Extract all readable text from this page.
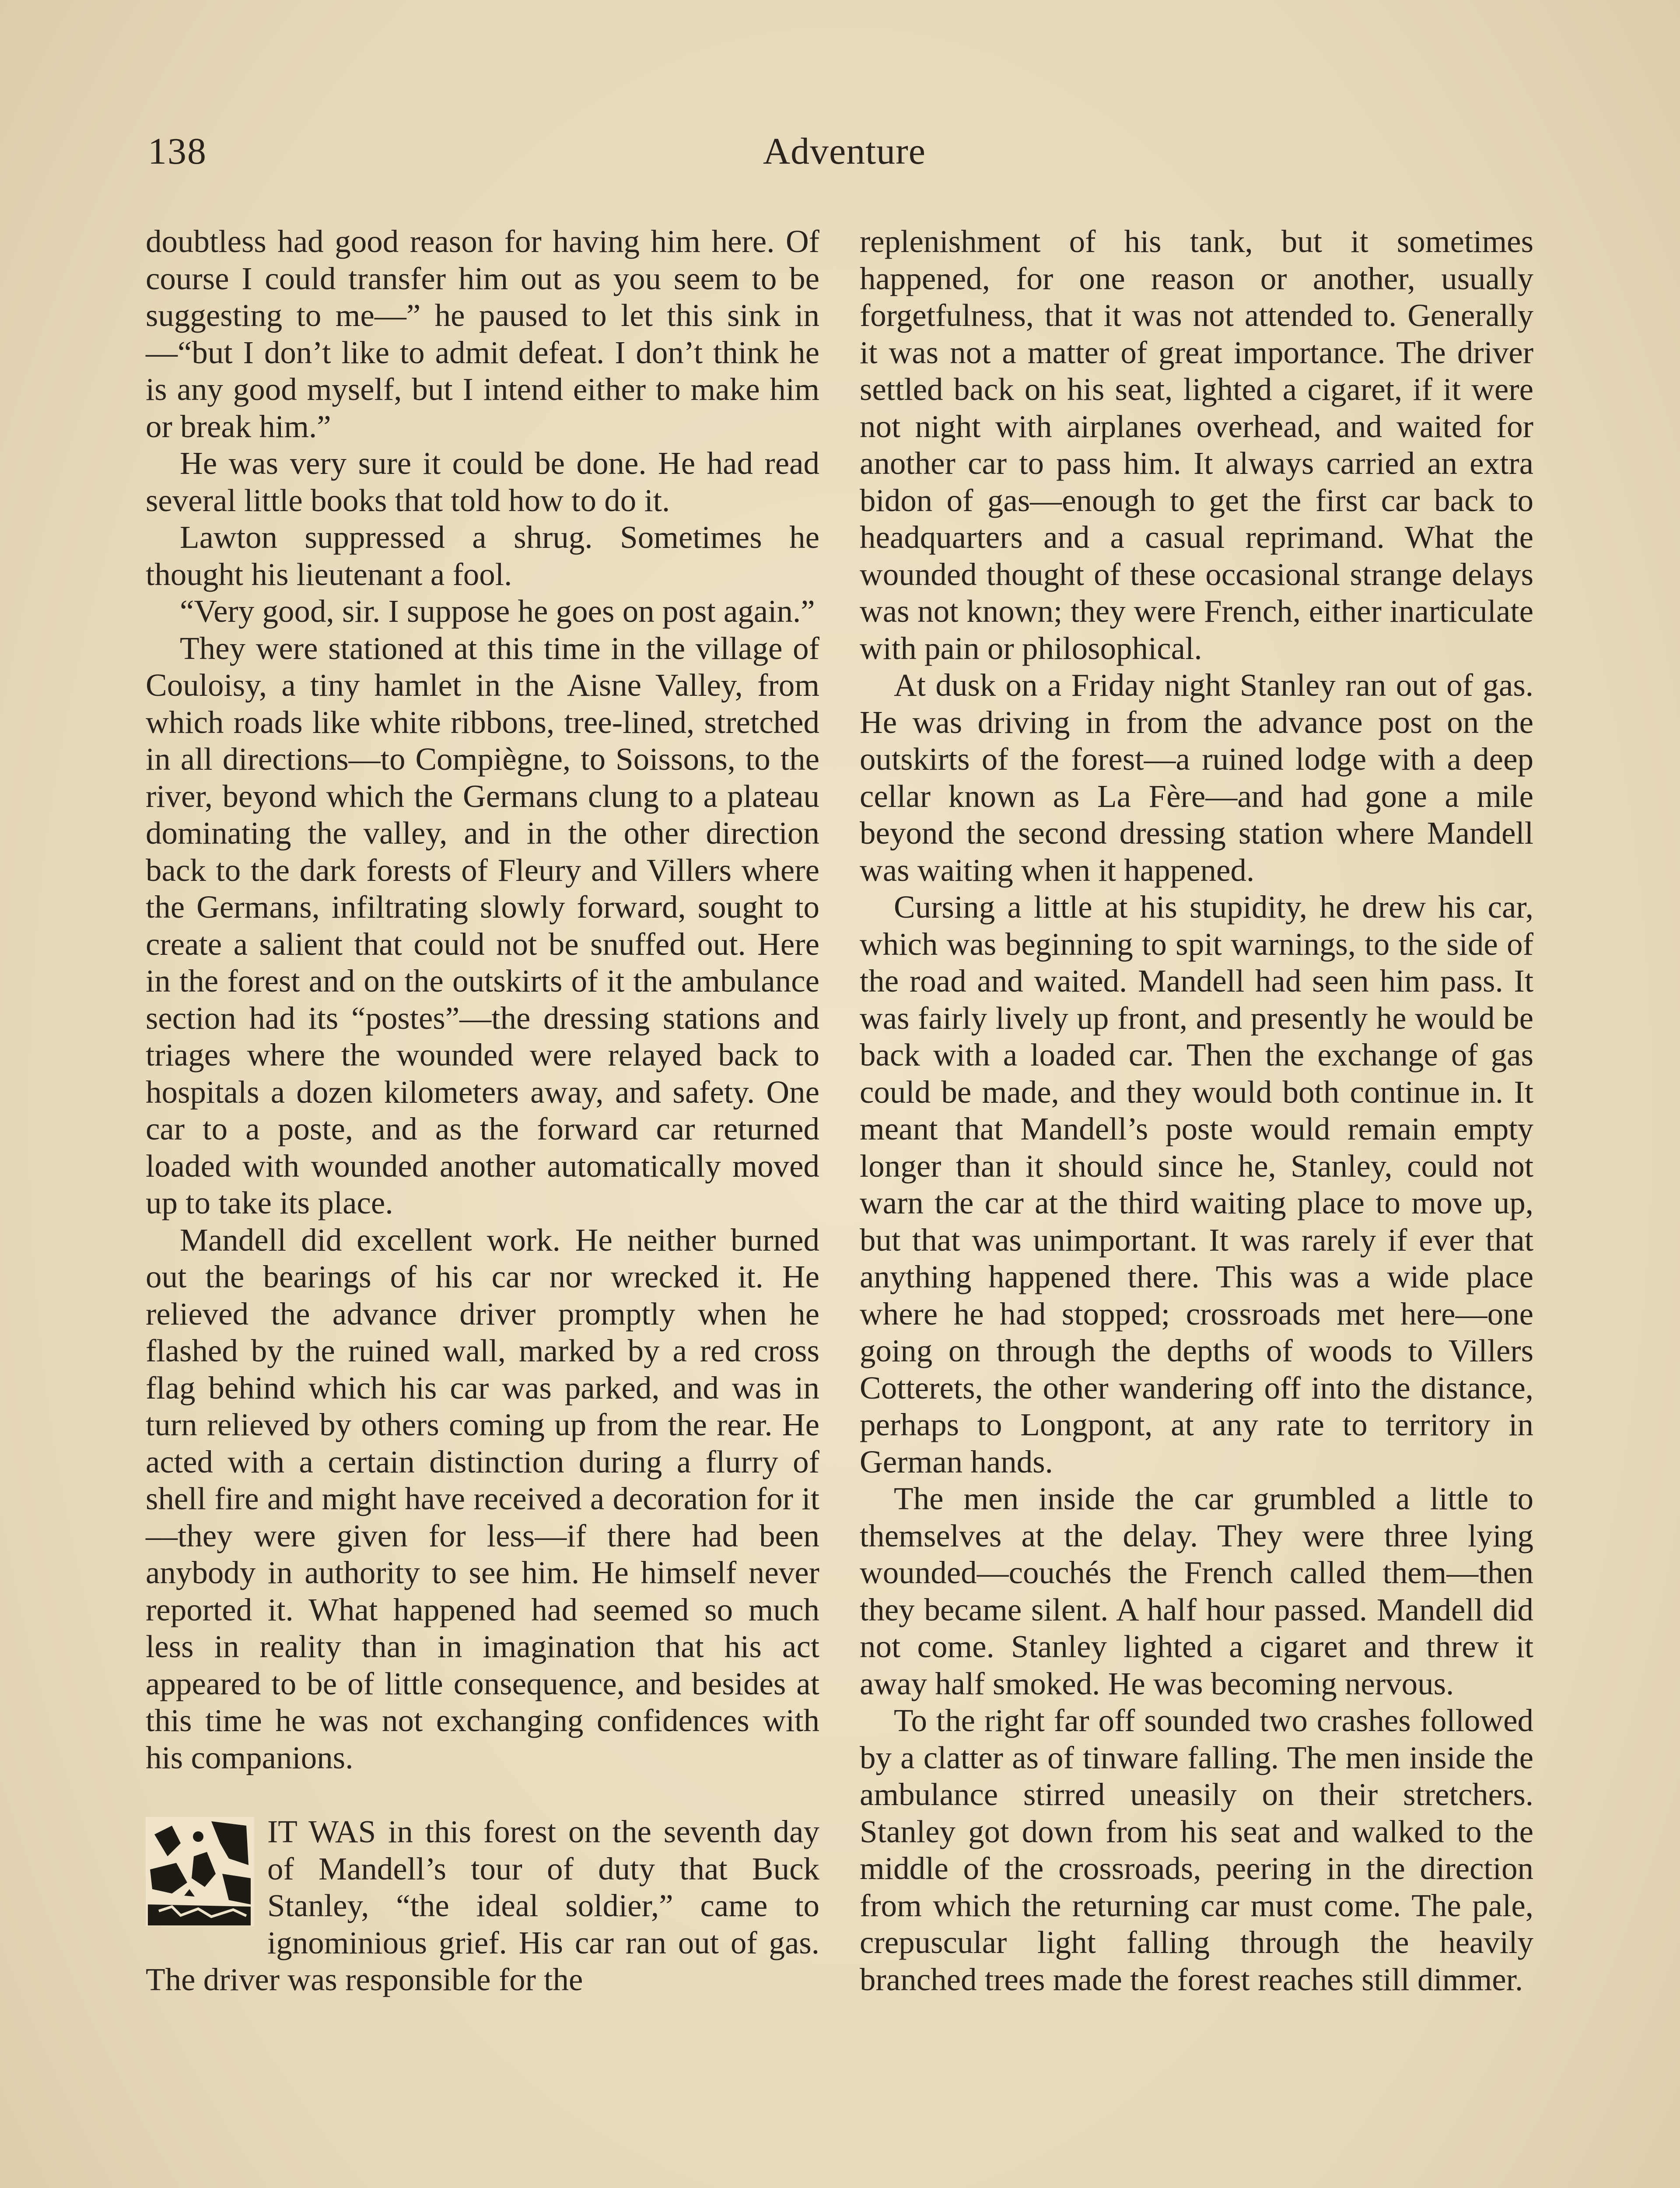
138	Adventure

doubtless had good reason for having him here. Of course I could transfer him out as you seem to be suggesting to me—” he paused to let this sink in—“but I don’t like to admit defeat. I don’t think he is any good myself, but I intend either to make him or break him.”

He was very sure it could be done. He had read several little books that told how to do it.

Lawton suppressed a shrug. Sometimes he thought his lieutenant a fool.

“Very good, sir. I suppose he goes on post again.”

They were stationed at this time in the village of Couloisy, a tiny hamlet in the Aisne Valley, from which roads like white ribbons, tree-lined, stretched in all directions—to Compiègne, to Soissons, to the river, beyond which the Germans clung to a plateau dominating the valley, and in the other direction back to the dark forests of Fleury and Villers where the Germans, infiltrating slowly forward, sought to create a salient that could not be snuffed out. Here in the forest and on the outskirts of it the ambulance section had its “postes”—the dressing stations and triages where the wounded were relayed back to hospitals a dozen kilometers away, and safety. One car to a poste, and as the forward car returned loaded with wounded another automatically moved up to take its place.

Mandell did excellent work. He neither burned out the bearings of his car nor wrecked it. He relieved the advance driver promptly when he flashed by the ruined wall, marked by a red cross flag behind which his car was parked, and was in turn relieved by others coming up from the rear. He acted with a certain distinction during a flurry of shell fire and might have received a decoration for it—they were given for less—if there had been anybody in authority to see him. He himself never reported it. What happened had seemed so much less in reality than in imagination that his act appeared to be of little consequence, and besides at this time he was not exchanging confidences with his companions.

IT WAS in this forest on the seventh day of Mandell’s tour of duty that Buck Stanley, “the ideal soldier,” came to ignominious grief. His car ran out of gas. The driver was responsible for the

replenishment of his tank, but it sometimes happened, for one reason or another, usually forgetfulness, that it was not attended to. Generally it was not a matter of great importance. The driver settled back on his seat, lighted a cigaret, if it were not night with airplanes overhead, and waited for another car to pass him. It always carried an extra bidon of gas—enough to get the first car back to headquarters and a casual reprimand. What the wounded thought of these occasional strange delays was not known; they were French, either inarticulate with pain or philosophical.

At dusk on a Friday night Stanley ran out of gas. He was driving in from the advance post on the outskirts of the forest—a ruined lodge with a deep cellar known as La Fère—and had gone a mile beyond the second dressing station where Mandell was waiting when it happened.

Cursing a little at his stupidity, he drew his car, which was beginning to spit warnings, to the side of the road and waited. Mandell had seen him pass. It was fairly lively up front, and presently he would be back with a loaded car. Then the exchange of gas could be made, and they would both continue in. It meant that Mandell’s poste would remain empty longer than it should since he, Stanley, could not warn the car at the third waiting place to move up, but that was unimportant. It was rarely if ever that anything happened there. This was a wide place where he had stopped; crossroads met here—one going on through the depths of woods to Villers Cotterets, the other wandering off into the distance, perhaps to Longpont, at any rate to territory in German hands.

The men inside the car grumbled a little to themselves at the delay. They were three lying wounded—couchés the French called them—then they became silent. A half hour passed. Mandell did not come. Stanley lighted a cigaret and threw it away half smoked. He was becoming nervous.

To the right far off sounded two crashes followed by a clatter as of tinware falling. The men inside the ambulance stirred uneasily on their stretchers. Stanley got down from his seat and walked to the middle of the crossroads, peering in the direction from which the returning car must come. The pale, crepuscular light falling through the heavily branched trees made the forest reaches still dimmer.
